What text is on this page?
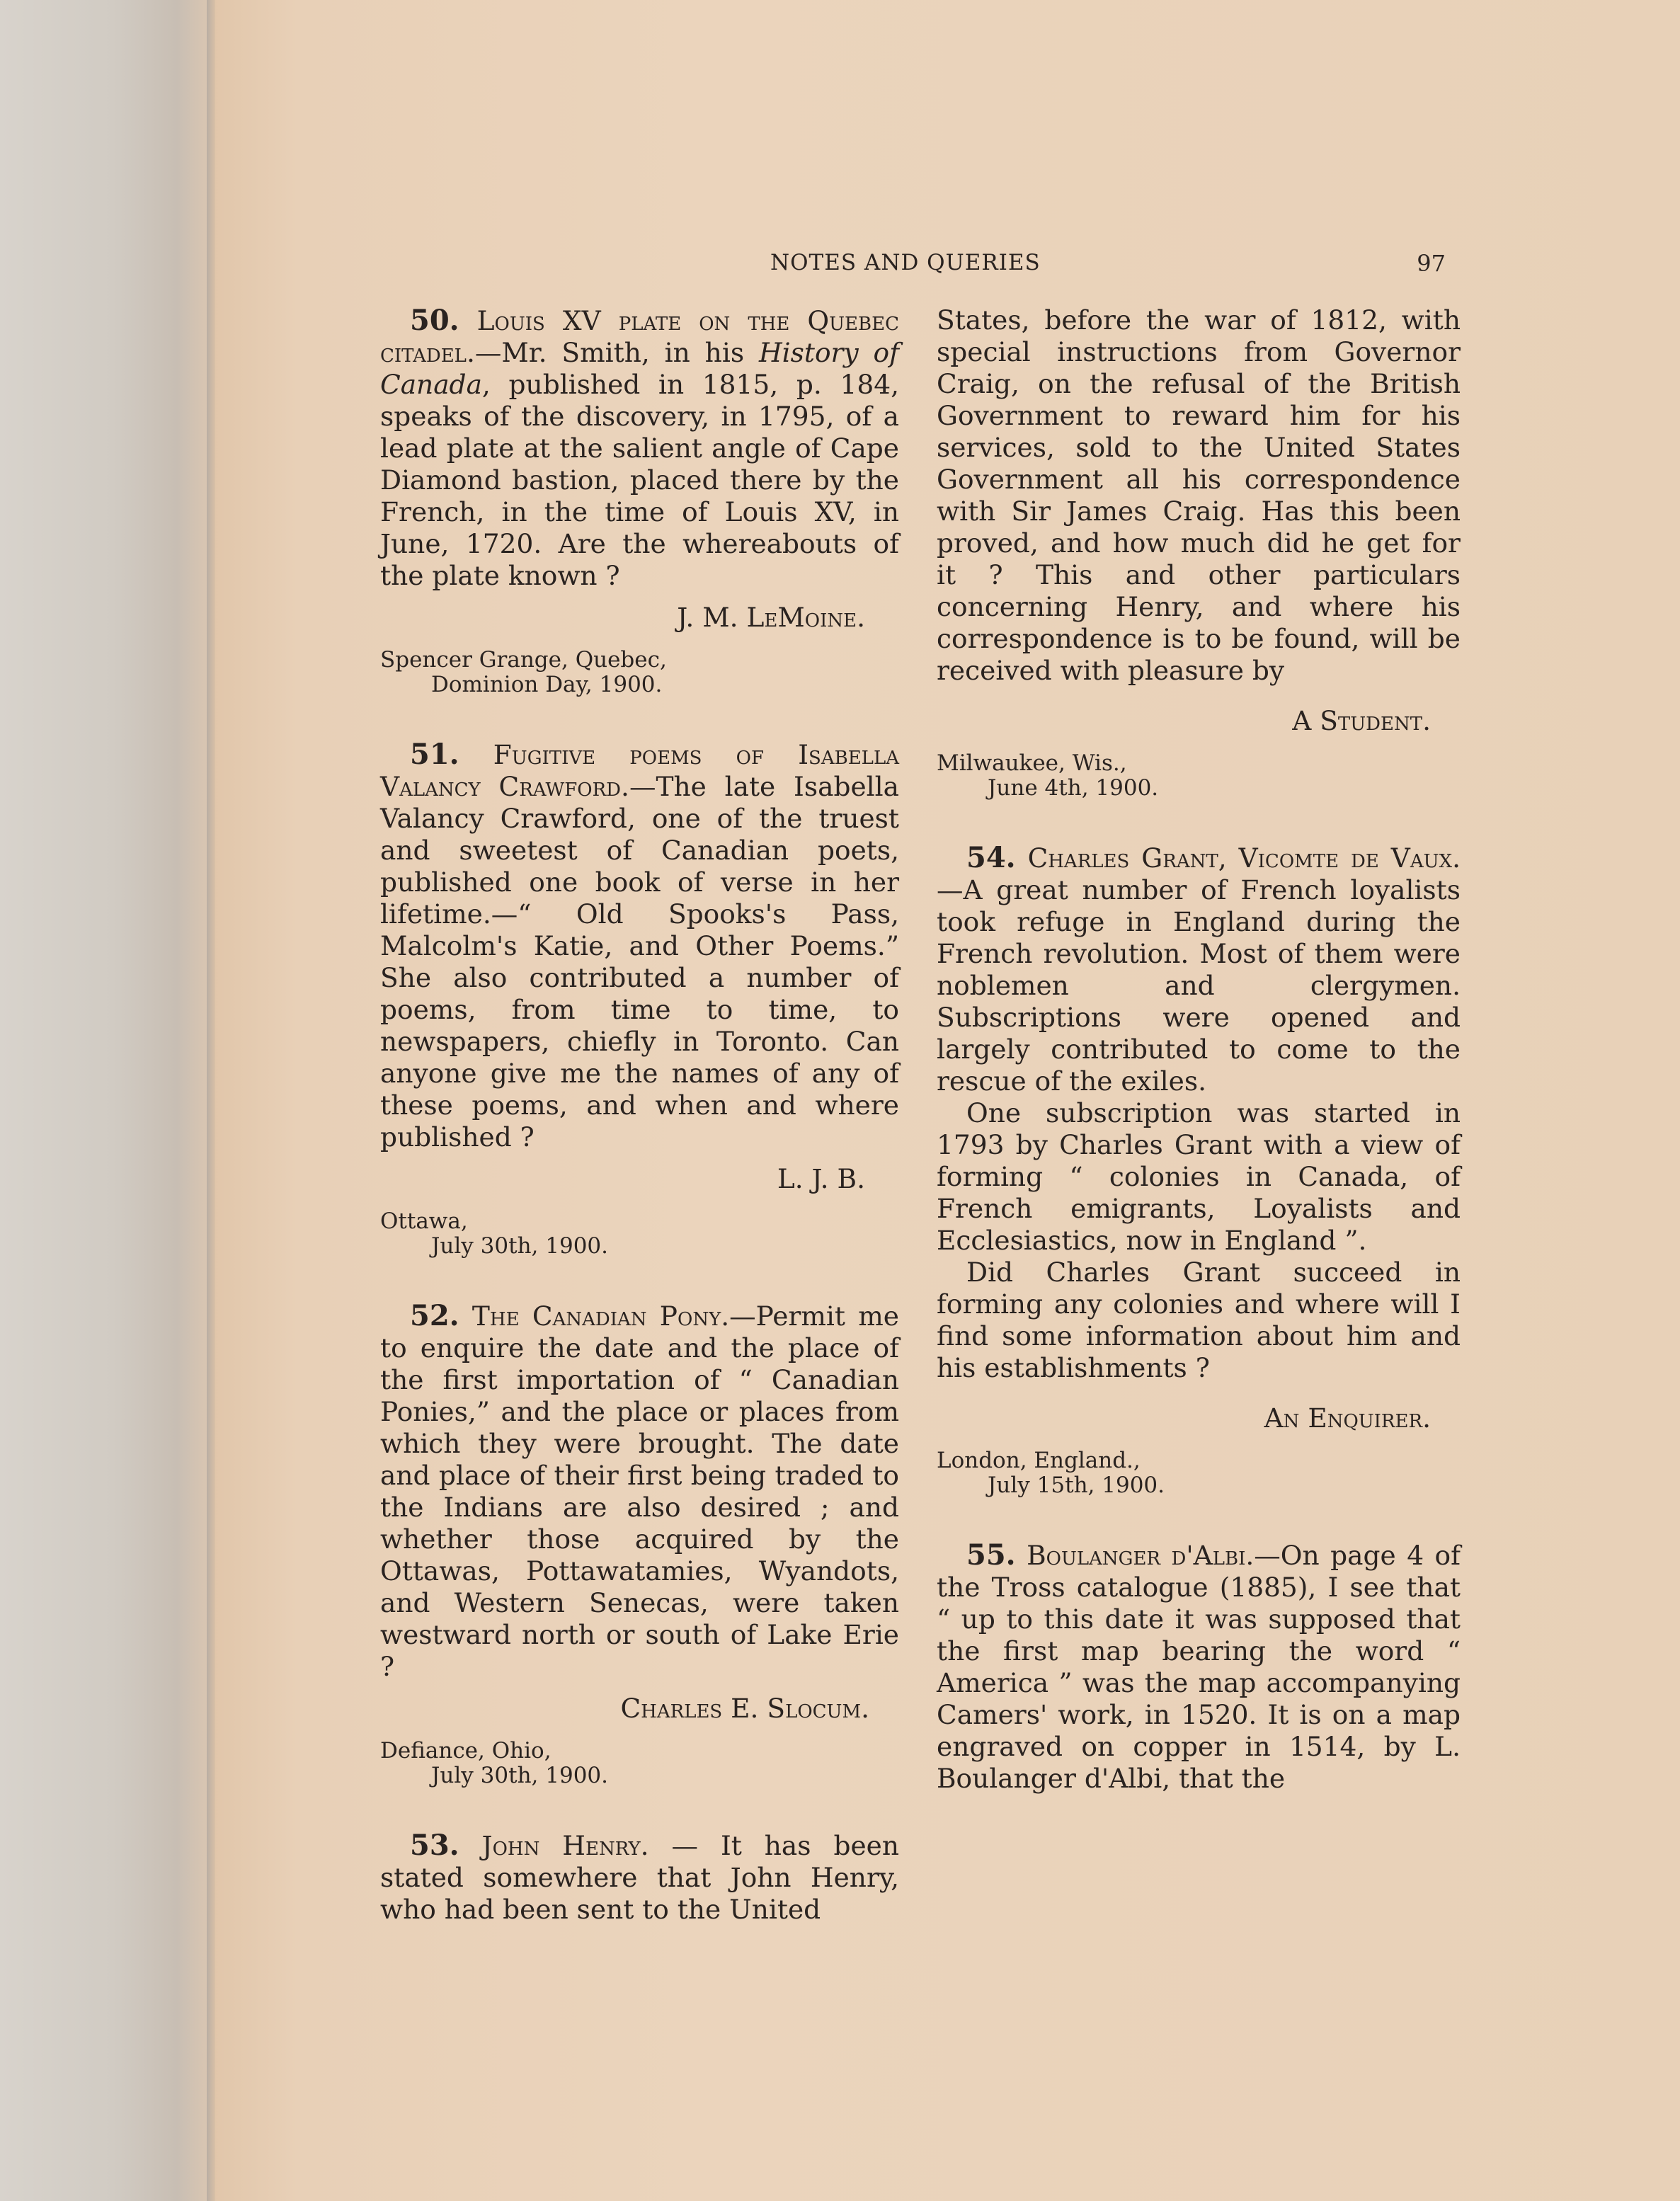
NOTES AND QUERIES	97

50. Louis XV plate on the Quebec citadel.—Mr. Smith, in his History of Canada, published in 1815, p. 184, speaks of the discovery, in 1795, of a lead plate at the salient angle of Cape Diamond bastion, placed there by the French, in the time of Louis XV, in June, 1720. Are the whereabouts of the plate known ?

J. M. LeMoine.

Spencer Grange, Quebec,
Dominion Day, 1900.

51. Fugitive poems of Isabella Valancy Crawford.—The late Isabella Valancy Crawford, one of the truest and sweetest of Canadian poets, published one book of verse in her lifetime.—“ Old Spooks's Pass, Malcolm's Katie, and Other Poems.” She also contributed a number of poems, from time to time, to newspapers, chiefly in Toronto. Can anyone give me the names of any of these poems, and when and where published ?

L. J. B.

Ottawa,
July 30th, 1900.

52. The Canadian Pony.—Permit me to enquire the date and the place of the first importation of “ Canadian Ponies,” and the place or places from which they were brought. The date and place of their first being traded to the Indians are also desired ; and whether those acquired by the Ottawas, Pottawatamies, Wyandots, and Western Senecas, were taken westward north or south of Lake Erie ?

Charles E. Slocum.

Defiance, Ohio,
July 30th, 1900.

53. John Henry. — It has been stated somewhere that John Henry, who had been sent to the United

States, before the war of 1812, with special instructions from Governor Craig, on the refusal of the British Government to reward him for his services, sold to the United States Government all his correspondence with Sir James Craig. Has this been proved, and how much did he get for it ? This and other particulars concerning Henry, and where his correspondence is to be found, will be received with pleasure by

A Student.

Milwaukee, Wis.,
June 4th, 1900.

54. Charles Grant, Vicomte de Vaux.—A great number of French loyalists took refuge in England during the French revolution. Most of them were noblemen and clergymen. Subscriptions were opened and largely contributed to come to the rescue of the exiles.

One subscription was started in 1793 by Charles Grant with a view of forming “ colonies in Canada, of French emigrants, Loyalists and Ecclesiastics, now in England ”.

Did Charles Grant succeed in forming any colonies and where will I find some information about him and his establishments ?

An Enquirer.

London, England.,
July 15th, 1900.

55. Boulanger d'Albi.—On page 4 of the Tross catalogue (1885), I see that “ up to this date it was supposed that the first map bearing the word “ America ” was the map accompanying Camers' work, in 1520. It is on a map engraved on copper in 1514, by L. Boulanger d'Albi, that the
